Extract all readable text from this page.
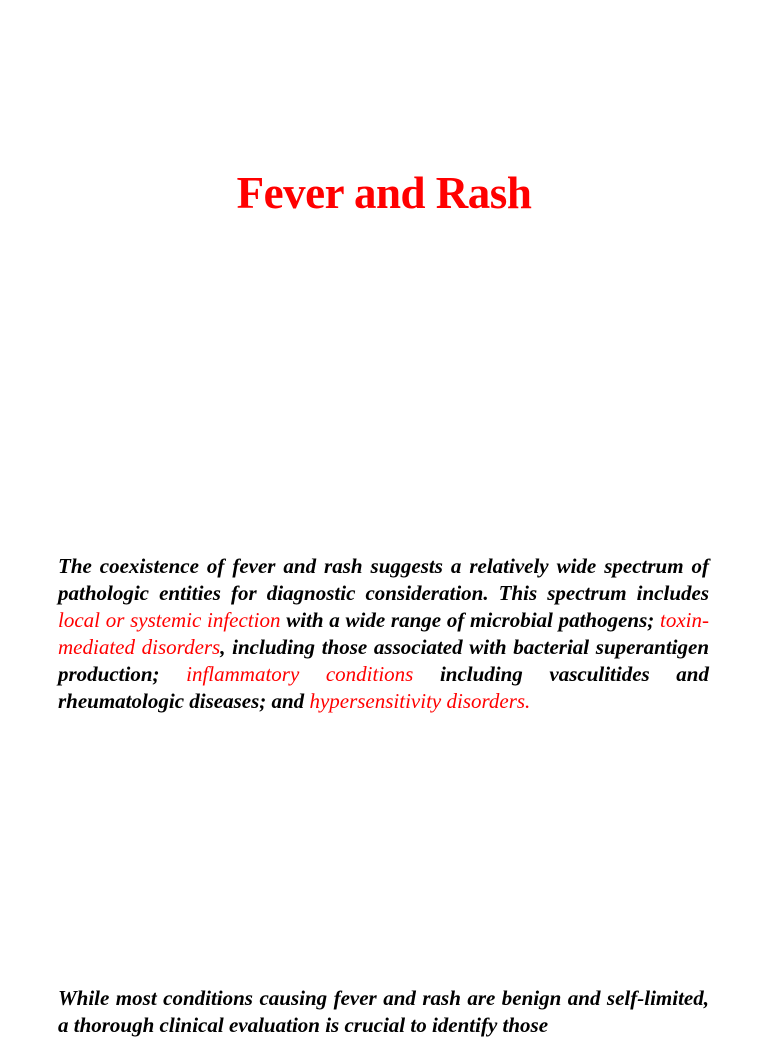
Fever and Rash

The coexistence of fever and rash suggests a relatively wide spectrum of pathologic entities for diagnostic consideration. This spectrum includes local or systemic infection with a wide range of microbial pathogens; toxin-mediated disorders, including those associated with bacterial superantigen production; inflammatory conditions including vasculitides and rheumatologic diseases; and hypersensitivity disorders.

While most conditions causing fever and rash are benign and self-limited, a thorough clinical evaluation is crucial to identify those
